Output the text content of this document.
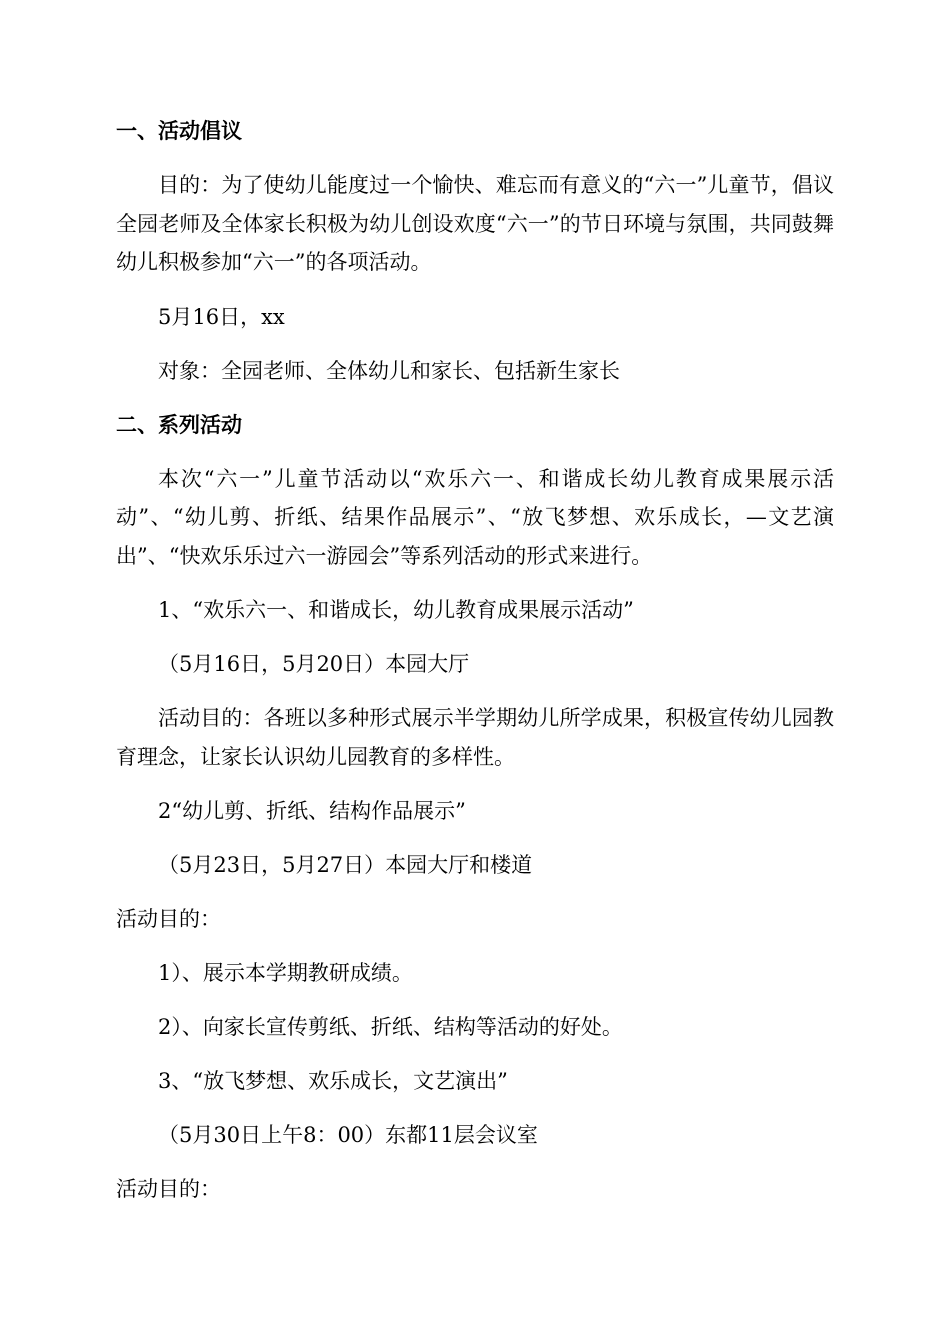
一、活动倡议

目的：为了使幼儿能度过一个愉快、难忘而有意义的“六一”儿童节，倡议全园老师及全体家长积极为幼儿创设欢度“六一”的节日环境与氛围，共同鼓舞幼儿积极参加“六一”的各项活动。

5月16日，xx

对象：全园老师、全体幼儿和家长、包括新生家长

二、系列活动

本次“六一”儿童节活动以“欢乐六一、和谐成长幼儿教育成果展示活动”、“幼儿剪、折纸、结果作品展示”、“放飞梦想、欢乐成长，—文艺演出”、“快欢乐乐过六一游园会”等系列活动的形式来进行。

1、“欢乐六一、和谐成长，幼儿教育成果展示活动”

（5月16日，5月20日）本园大厅

活动目的：各班以多种形式展示半学期幼儿所学成果，积极宣传幼儿园教育理念，让家长认识幼儿园教育的多样性。

2“幼儿剪、折纸、结构作品展示”

（5月23日，5月27日）本园大厅和楼道

活动目的：

1）、展示本学期教研成绩。

2）、向家长宣传剪纸、折纸、结构等活动的好处。

3、“放飞梦想、欢乐成长，文艺演出”

（5月30日上午8：00）东都11层会议室

活动目的：
